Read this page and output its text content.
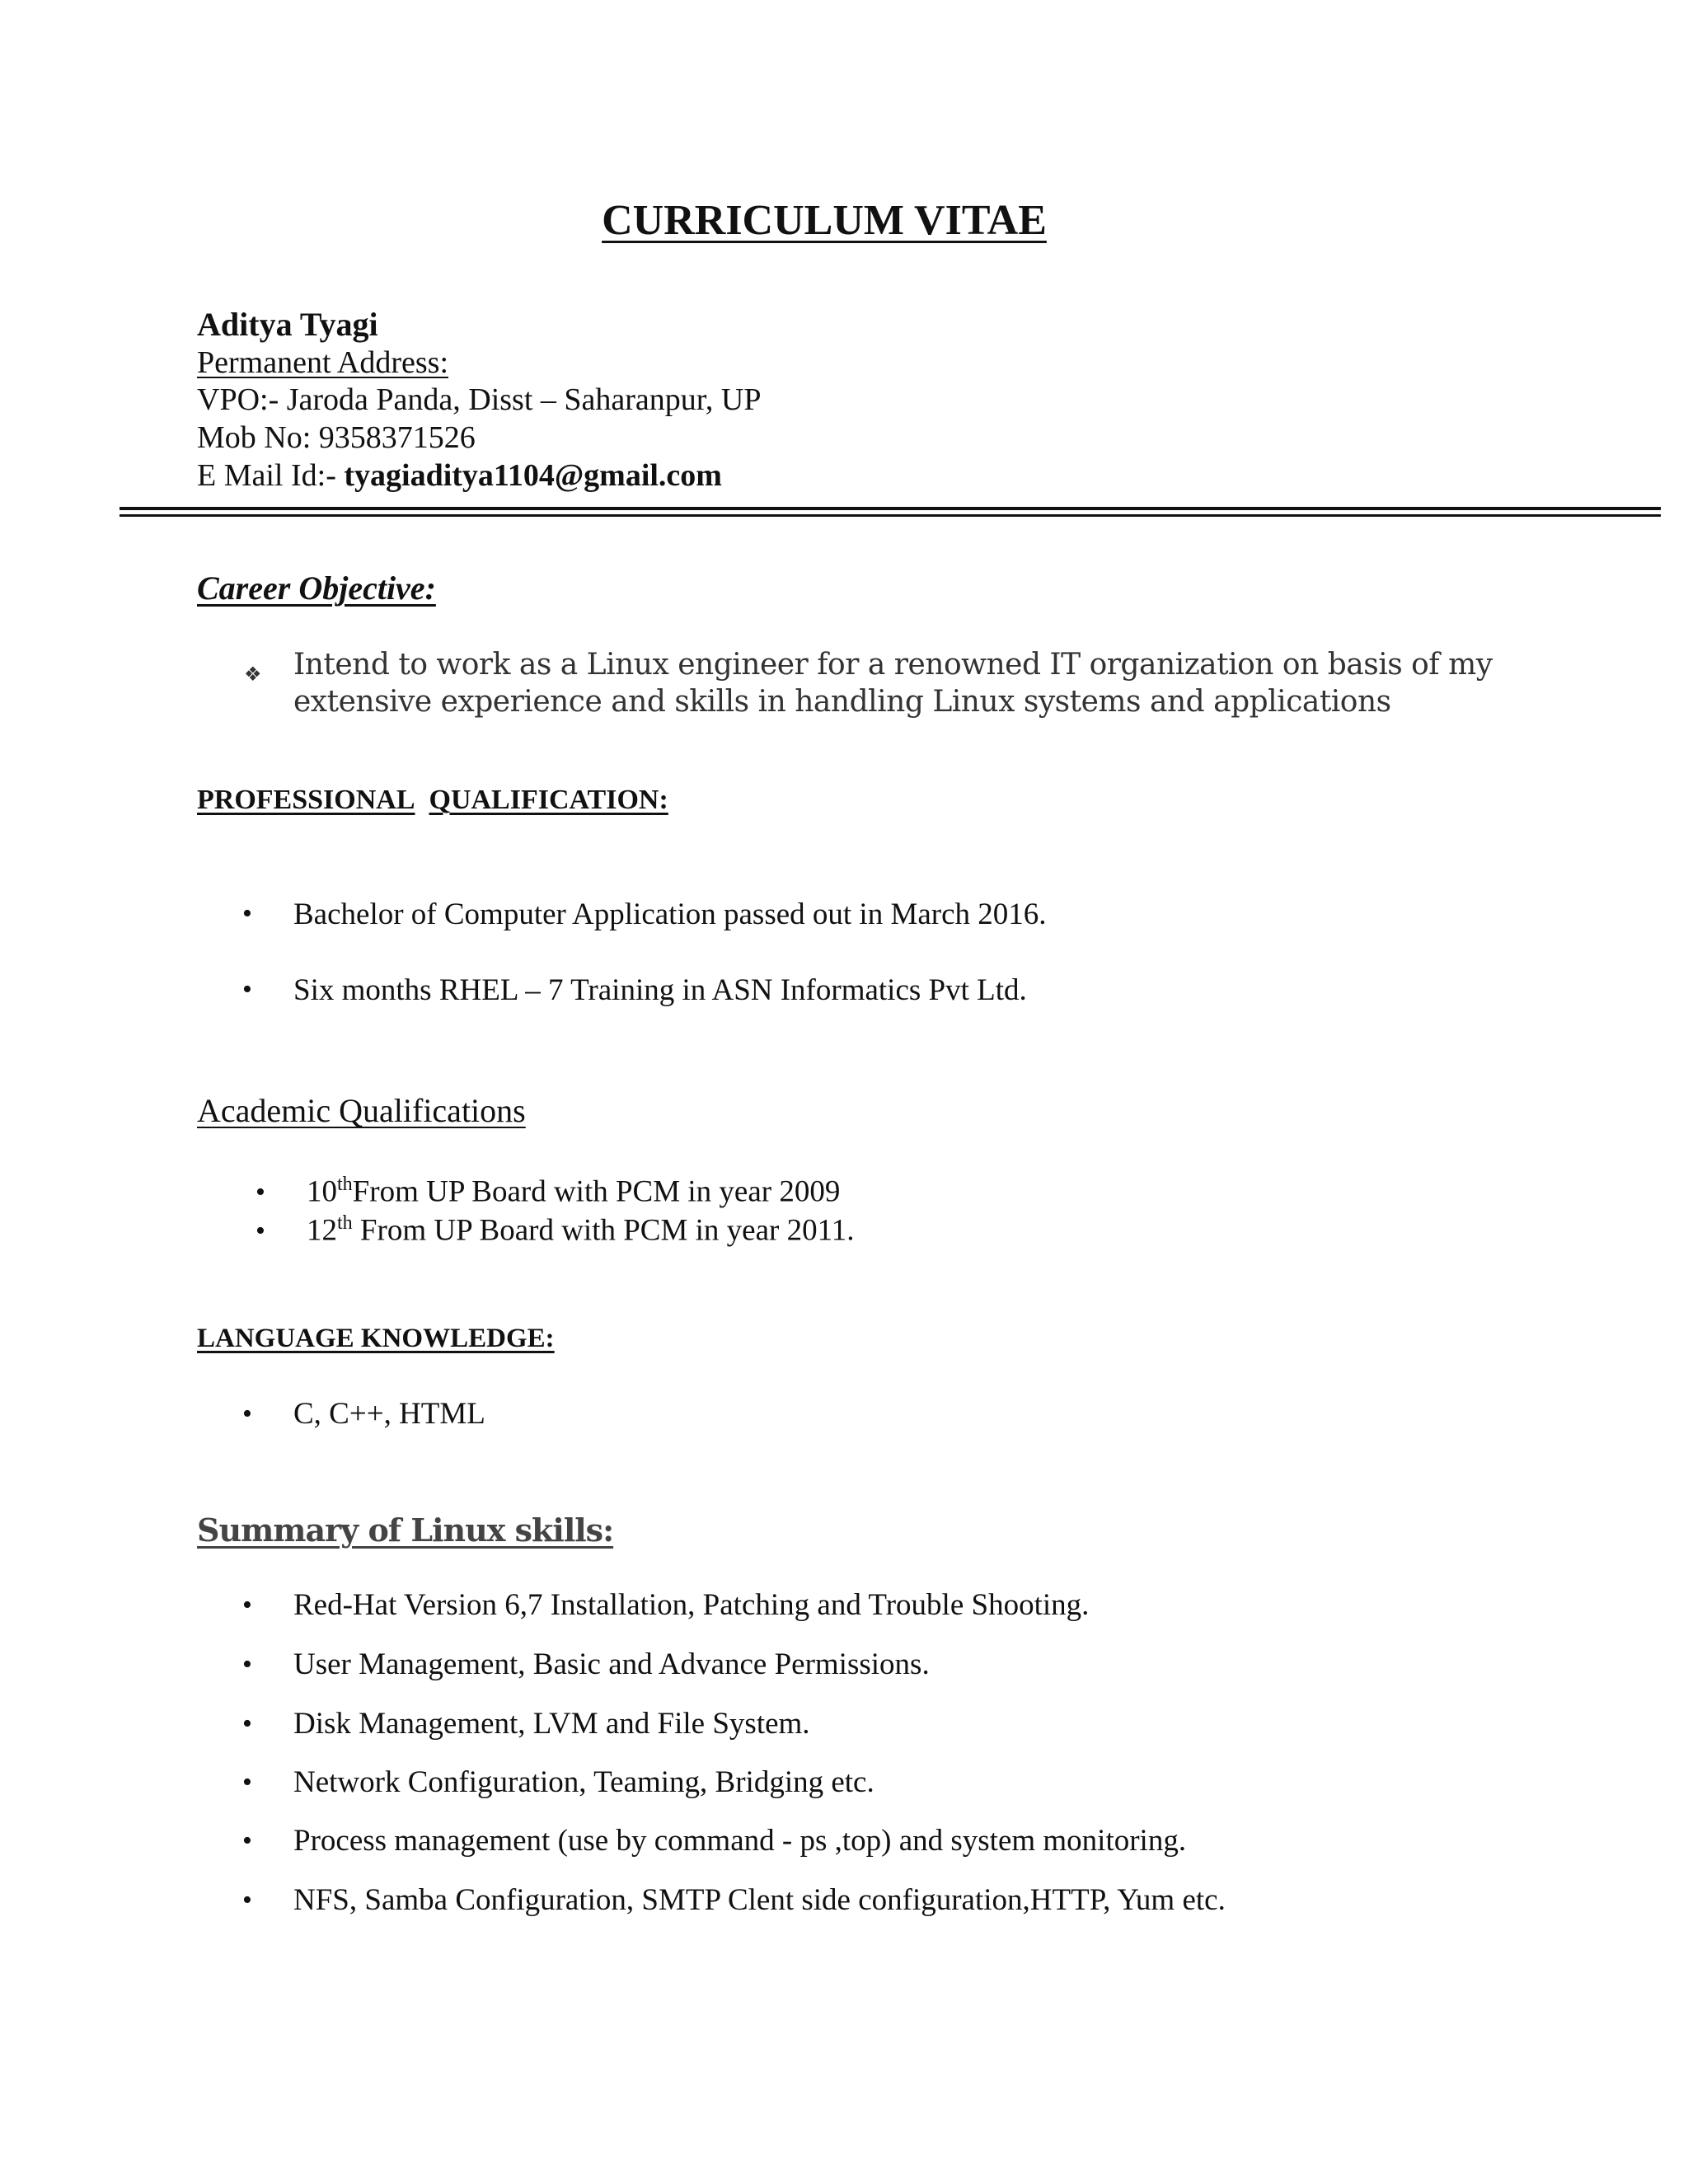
CURRICULUM VITAE
Aditya Tyagi
Permanent Address:
VPO:- Jaroda Panda, Disst – Saharanpur, UP
Mob No: 9358371526
E Mail Id:- tyagiaditya1104@gmail.com
Career Objective:
❖ Intend to work as a Linux engineer for a renowned IT organization on basis of my
extensive experience and skills in handling Linux systems and applications
PROFESSIONAL QUALIFICATION:
• Bachelor of Computer Application passed out in March 2016.
• Six months RHEL – 7 Training in ASN Informatics Pvt Ltd.
Academic Qualifications
• 10thFrom UP Board with PCM in year 2009
• 12th From UP Board with PCM in year 2011.
LANGUAGE KNOWLEDGE:
• C, C++, HTML
Summary of Linux skills:
• Red-Hat Version 6,7 Installation, Patching and Trouble Shooting.
• User Management, Basic and Advance Permissions.
• Disk Management, LVM and File System.
• Network Configuration, Teaming, Bridging etc.
• Process management (use by command - ps ,top) and system monitoring.
• NFS, Samba Configuration, SMTP Clent side configuration,HTTP, Yum etc.
